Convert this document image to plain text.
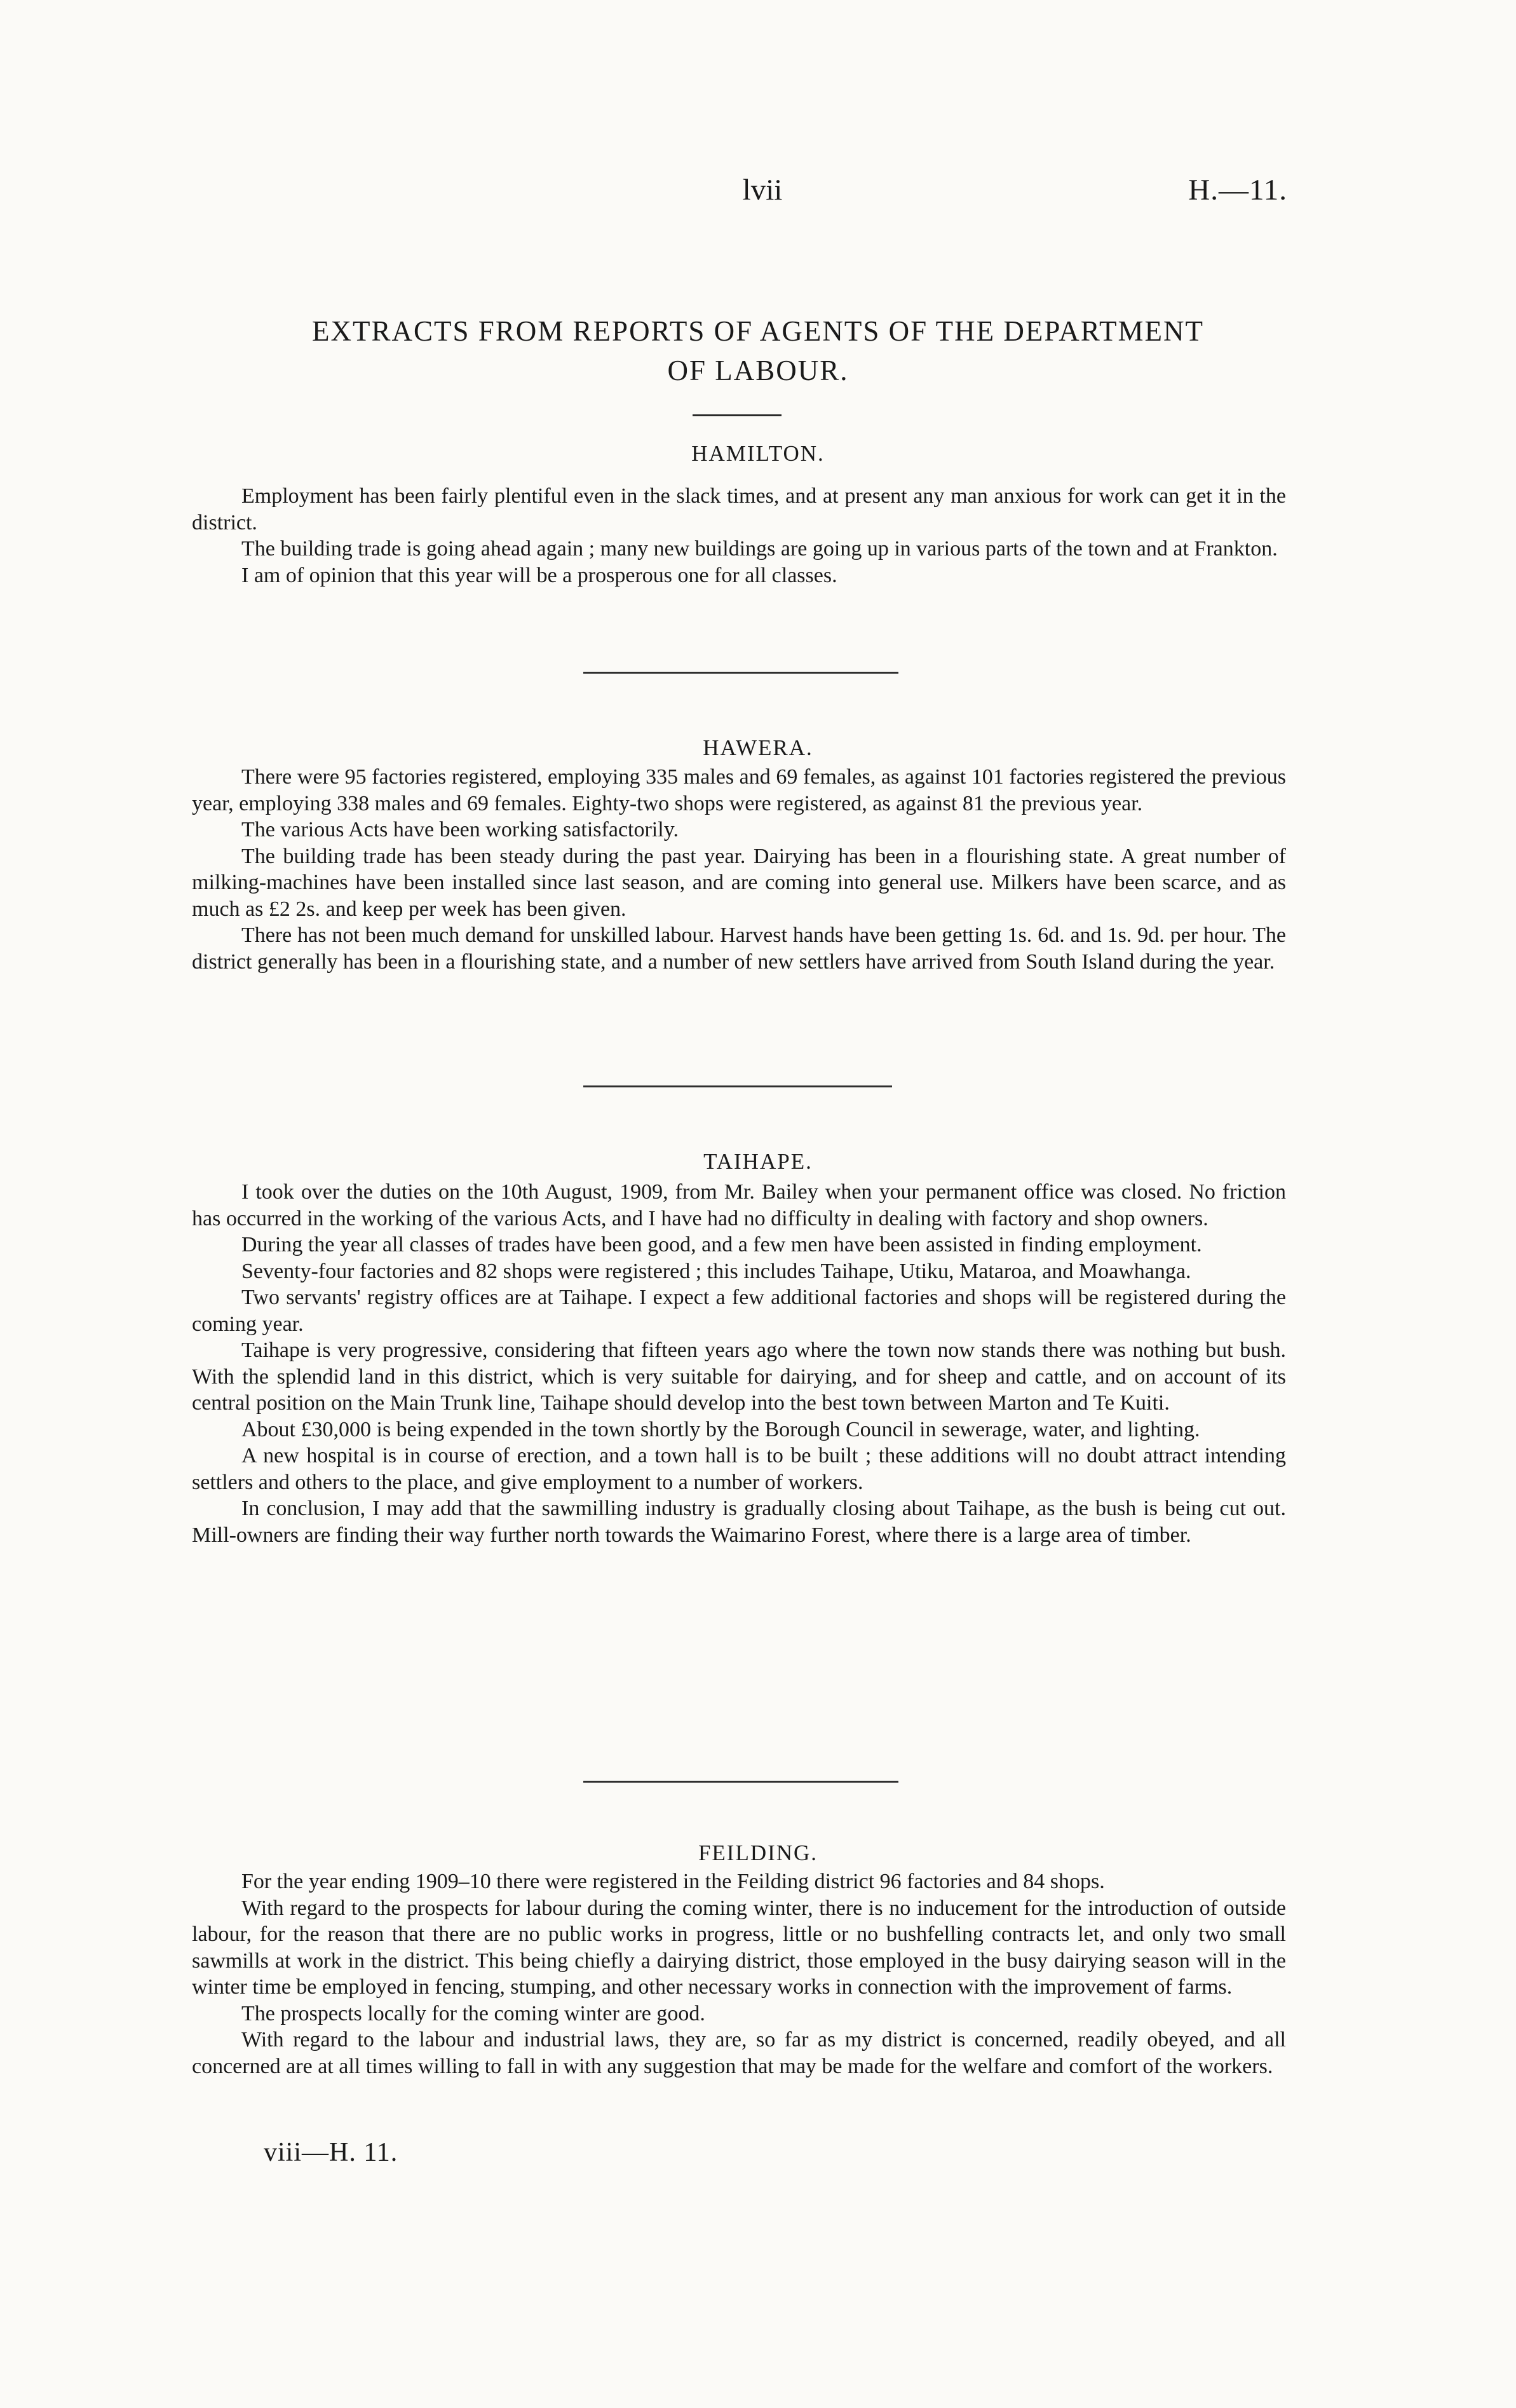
lvii	H.—11.
EXTRACTS FROM REPORTS OF AGENTS OF THE DEPARTMENT
OF LABOUR.
HAMILTON.

Employment has been fairly plentiful even in the slack times, and at present any man anxious for work can get it in the district.

The building trade is going ahead again ; many new buildings are going up in various parts of the town and at Frankton.

I am of opinion that this year will be a prosperous one for all classes.

HAWERA.

There were 95 factories registered, employing 335 males and 69 females, as against 101 factories registered the previous year, employing 338 males and 69 females. Eighty-two shops were registered, as against 81 the previous year.

The various Acts have been working satisfactorily.

The building trade has been steady during the past year. Dairying has been in a flourishing state. A great number of milking-machines have been installed since last season, and are coming into general use. Milkers have been scarce, and as much as £2 2s. and keep per week has been given.

There has not been much demand for unskilled labour. Harvest hands have been getting 1s. 6d. and 1s. 9d. per hour. The district generally has been in a flourishing state, and a number of new settlers have arrived from South Island during the year.

TAIHAPE.

I took over the duties on the 10th August, 1909, from Mr. Bailey when your permanent office was closed. No friction has occurred in the working of the various Acts, and I have had no difficulty in dealing with factory and shop owners.

During the year all classes of trades have been good, and a few men have been assisted in finding employment.

Seventy-four factories and 82 shops were registered ; this includes Taihape, Utiku, Mataroa, and Moawhanga.

Two servants' registry offices are at Taihape. I expect a few additional factories and shops will be registered during the coming year.

Taihape is very progressive, considering that fifteen years ago where the town now stands there was nothing but bush. With the splendid land in this district, which is very suitable for dairying, and for sheep and cattle, and on account of its central position on the Main Trunk line, Taihape should develop into the best town between Marton and Te Kuiti.

About £30,000 is being expended in the town shortly by the Borough Council in sewerage, water, and lighting.

A new hospital is in course of erection, and a town hall is to be built ; these additions will no doubt attract intending settlers and others to the place, and give employment to a number of workers.

In conclusion, I may add that the sawmilling industry is gradually closing about Taihape, as the bush is being cut out. Mill-owners are finding their way further north towards the Waimarino Forest, where there is a large area of timber.

FEILDING.

For the year ending 1909–10 there were registered in the Feilding district 96 factories and 84 shops.

With regard to the prospects for labour during the coming winter, there is no inducement for the introduction of outside labour, for the reason that there are no public works in progress, little or no bushfelling contracts let, and only two small sawmills at work in the district. This being chiefly a dairying district, those employed in the busy dairying season will in the winter time be employed in fencing, stumping, and other necessary works in connection with the improvement of farms.

The prospects locally for the coming winter are good.

With regard to the labour and industrial laws, they are, so far as my district is concerned, readily obeyed, and all concerned are at all times willing to fall in with any suggestion that may be made for the welfare and comfort of the workers.

viii—H. 11.
